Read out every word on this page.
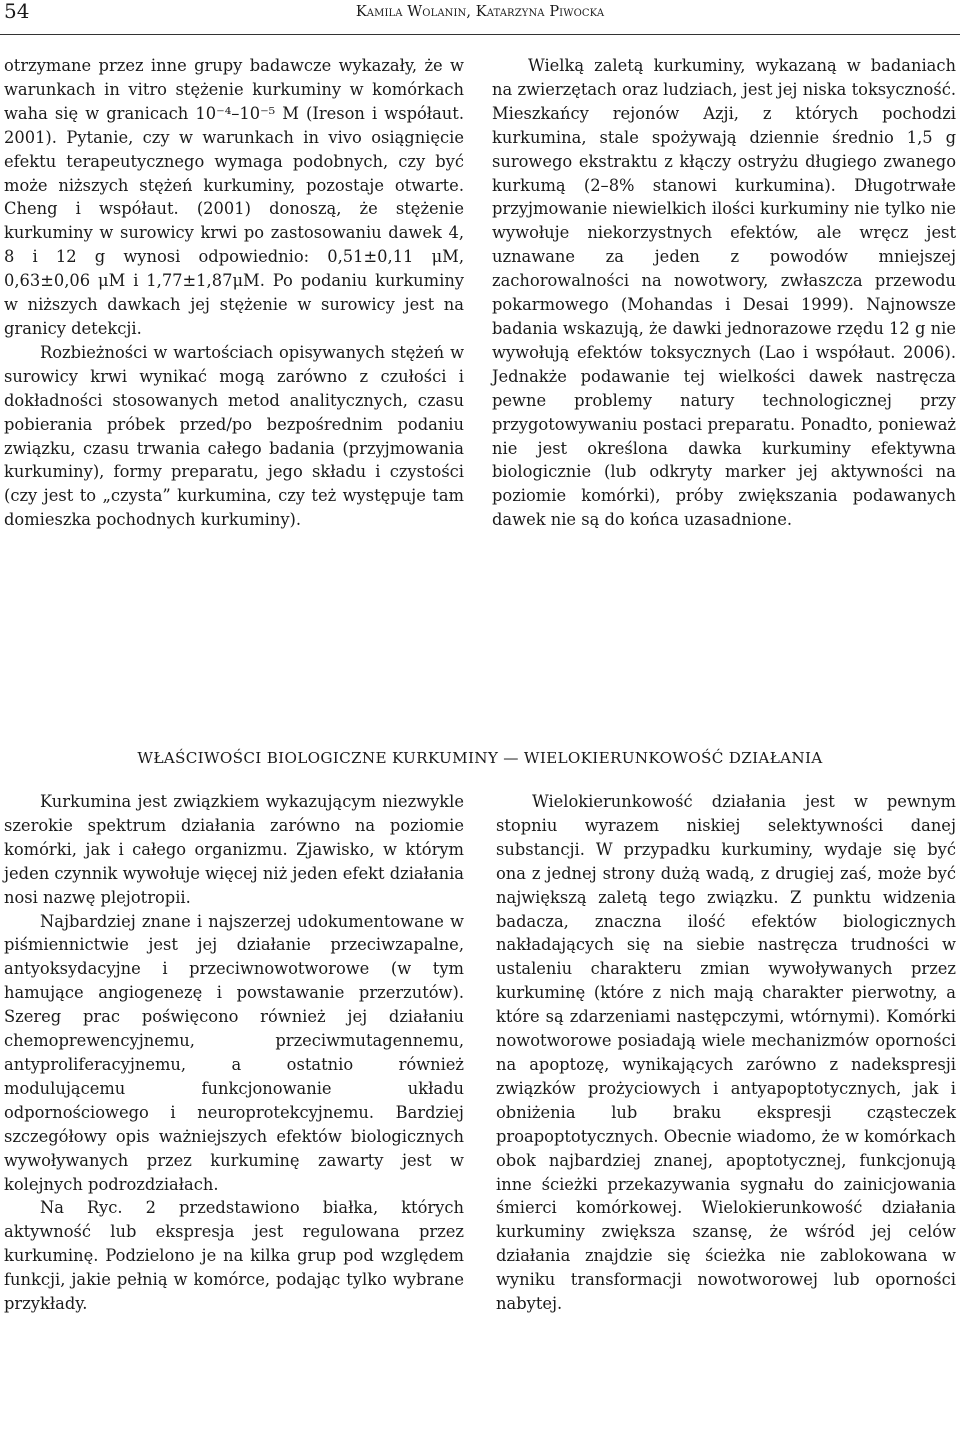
54	Kamila Wolanin, Katarzyna Piwocka

otrzymane przez inne grupy badawcze wykazały, że w warunkach in vitro stężenie kurkuminy w komórkach waha się w granicach 10⁻⁴–10⁻⁵ M (Ireson i współaut. 2001). Pytanie, czy w warunkach in vivo osiągnięcie efektu terapeutycznego wymaga podobnych, czy być może niższych stężeń kurkuminy, pozostaje otwarte. Cheng i współaut. (2001) donoszą, że stężenie kurkuminy w surowicy krwi po zastosowaniu dawek 4, 8 i 12 g wynosi odpowiednio: 0,51±0,11 μM, 0,63±0,06 μM i 1,77±1,87μM. Po podaniu kurkuminy w niższych dawkach jej stężenie w surowicy jest na granicy detekcji.

Rozbieżności w wartościach opisywanych stężeń w surowicy krwi wynikać mogą zarówno z czułości i dokładności stosowanych metod analitycznych, czasu pobierania próbek przed/po bezpośrednim podaniu związku, czasu trwania całego badania (przyjmowania kurkuminy), formy preparatu, jego składu i czystości (czy jest to „czysta” kurkumina, czy też występuje tam domieszka pochodnych kurkuminy).

Wielką zaletą kurkuminy, wykazaną w badaniach na zwierzętach oraz ludziach, jest jej niska toksyczność. Mieszkańcy rejonów Azji, z których pochodzi kurkumina, stale spożywają dziennie średnio 1,5 g surowego ekstraktu z kłączy ostryżu długiego zwanego kurkumą (2–8% stanowi kurkumina). Długotrwałe przyjmowanie niewielkich ilości kurkuminy nie tylko nie wywołuje niekorzystnych efektów, ale wręcz jest uznawane za jeden z powodów mniejszej zachorowalności na nowotwory, zwłaszcza przewodu pokarmowego (Mohandas i Desai 1999). Najnowsze badania wskazują, że dawki jednorazowe rzędu 12 g nie wywołują efektów toksycznych (Lao i współaut. 2006). Jednakże podawanie tej wielkości dawek nastręcza pewne problemy natury technologicznej przy przygotowywaniu postaci preparatu. Ponadto, ponieważ nie jest określona dawka kurkuminy efektywna biologicznie (lub odkryty marker jej aktywności na poziomie komórki), próby zwiększania podawanych dawek nie są do końca uzasadnione.

WŁAŚCIWOŚCI BIOLOGICZNE KURKUMINY — WIELOKIERUNKOWOŚĆ DZIAŁANIA

Kurkumina jest związkiem wykazującym niezwykle szerokie spektrum działania zarówno na poziomie komórki, jak i całego organizmu. Zjawisko, w którym jeden czynnik wywołuje więcej niż jeden efekt działania nosi nazwę plejotropii.

Najbardziej znane i najszerzej udokumentowane w piśmiennictwie jest jej działanie przeciwzapalne, antyoksydacyjne i przeciwnowotworowe (w tym hamujące angiogenezę i powstawanie przerzutów). Szereg prac poświęcono również jej działaniu chemoprewencyjnemu, przeciwmutagennemu, antyproliferacyjnemu, a ostatnio również modulującemu funkcjonowanie układu odpornościowego i neuroprotekcyjnemu. Bardziej szczegółowy opis ważniejszych efektów biologicznych wywoływanych przez kurkuminę zawarty jest w kolejnych podrozdziałach.

Na Ryc. 2 przedstawiono białka, których aktywność lub ekspresja jest regulowana przez kurkuminę. Podzielono je na kilka grup pod względem funkcji, jakie pełnią w komórce, podając tylko wybrane przykłady.

Wielokierunkowość działania jest w pewnym stopniu wyrazem niskiej selektywności danej substancji. W przypadku kurkuminy, wydaje się być ona z jednej strony dużą wadą, z drugiej zaś, może być największą zaletą tego związku. Z punktu widzenia badacza, znaczna ilość efektów biologicznych nakładających się na siebie nastręcza trudności w ustaleniu charakteru zmian wywoływanych przez kurkuminę (które z nich mają charakter pierwotny, a które są zdarzeniami następczymi, wtórnymi). Komórki nowotworowe posiadają wiele mechanizmów oporności na apoptozę, wynikających zarówno z nadekspresji związków prożyciowych i antyapoptotycznych, jak i obniżenia lub braku ekspresji cząsteczek proapoptotycznych. Obecnie wiadomo, że w komórkach obok najbardziej znanej, apoptotycznej, funkcjonują inne ścieżki przekazywania sygnału do zainicjowania śmierci komórkowej. Wielokierunkowość działania kurkuminy zwiększa szansę, że wśród jej celów działania znajdzie się ścieżka nie zablokowana w wyniku transformacji nowotworowej lub oporności nabytej.
